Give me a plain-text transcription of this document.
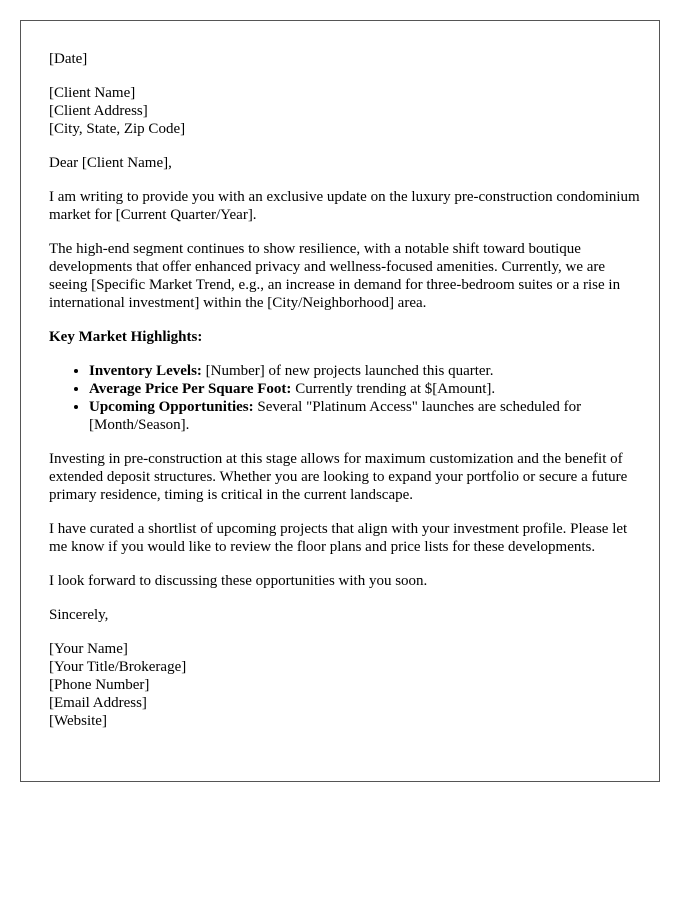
[Date]

[Client Name]

[Client Address]

[City, State, Zip Code]

Dear [Client Name],

I am writing to provide you with an exclusive update on the luxury pre-construction condominium market for [Current Quarter/Year].

The high-end segment continues to show resilience, with a notable shift toward boutique developments that offer enhanced privacy and wellness-focused amenities. Currently, we are seeing [Specific Market Trend, e.g., an increase in demand for three-bedroom suites or a rise in international investment] within the [City/Neighborhood] area.

Key Market Highlights:

• Inventory Levels: [Number] of new projects launched this quarter.
• Average Price Per Square Foot: Currently trending at $[Amount].
• Upcoming Opportunities: Several "Platinum Access" launches are scheduled for [Month/Season].

Investing in pre-construction at this stage allows for maximum customization and the benefit of extended deposit structures. Whether you are looking to expand your portfolio or secure a future primary residence, timing is critical in the current landscape.

I have curated a shortlist of upcoming projects that align with your investment profile. Please let me know if you would like to review the floor plans and price lists for these developments.

I look forward to discussing these opportunities with you soon.

Sincerely,

[Your Name]

[Your Title/Brokerage]

[Phone Number]

[Email Address]

[Website]
